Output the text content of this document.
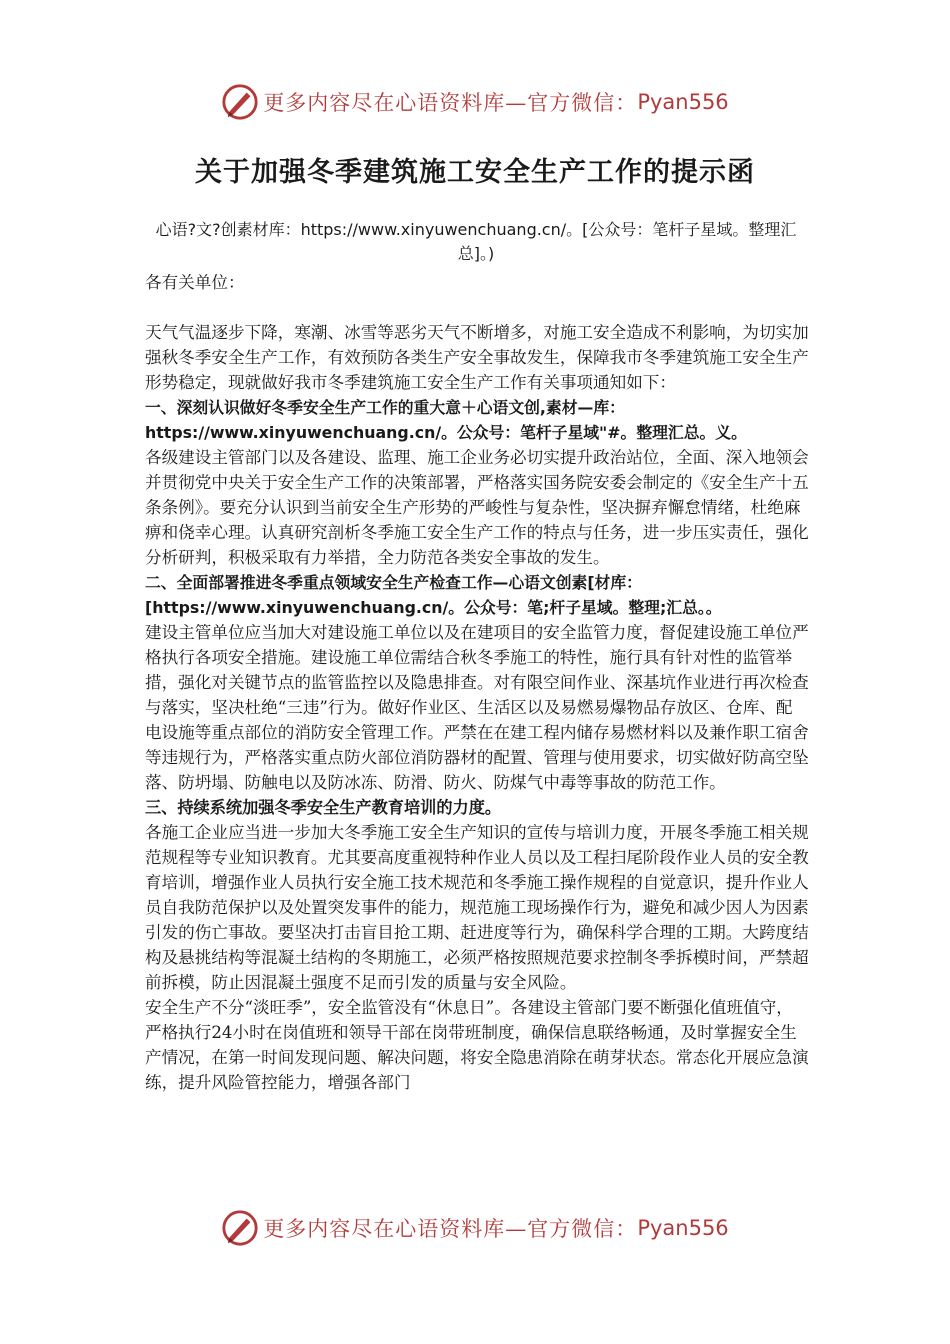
更多内容尽在心语资料库—官方微信： Pyan556
关于加强冬季建筑施工安全生产工作的提示函
心语?文?创素材库：https://www.xinyuwenchuang.cn/。[公众号：笔杆子星域。整理汇总]。)

各有关单位：

天气气温逐步下降，寒潮、冰雪等恶劣天气不断增多，对施工安全造成不利影响，为切实加强秋冬季安全生产工作，有效预防各类生产安全事故发生，保障我市冬季建筑施工安全生产形势稳定，现就做好我市冬季建筑施工安全生产工作有关事项通知如下：

一、深刻认识做好冬季安全生产工作的重大意＋心语文创,素材—库：https://www.xinyuwenchuang.cn/。公众号：笔杆子星域"#。整理汇总。义。

各级建设主管部门以及各建设、监理、施工企业务必切实提升政治站位，全面、深入地领会并贯彻党中央关于安全生产工作的决策部署，严格落实国务院安委会制定的《安全生产十五条条例》。要充分认识到当前安全生产形势的严峻性与复杂性，坚决摒弃懈怠情绪，杜绝麻痹和侥幸心理。认真研究剖析冬季施工安全生产工作的特点与任务，进一步压实责任，强化分析研判，积极采取有力举措，全力防范各类安全事故的发生。

二、全面部署推进冬季重点领域安全生产检查工作—心语文创素[材库：[https://www.xinyuwenchuang.cn/。公众号：笔;杆子星域。整理;汇总。。

建设主管单位应当加大对建设施工单位以及在建项目的安全监管力度，督促建设施工单位严格执行各项安全措施。建设施工单位需结合秋冬季施工的特性，施行具有针对性的监管举措，强化对关键节点的监管监控以及隐患排查。对有限空间作业、深基坑作业进行再次检查与落实，坚决杜绝“三违”行为。做好作业区、生活区以及易燃易爆物品存放区、仓库、配电设施等重点部位的消防安全管理工作。严禁在在建工程内储存易燃材料以及兼作职工宿舍等违规行为，严格落实重点防火部位消防器材的配置、管理与使用要求，切实做好防高空坠落、防坍塌、防触电以及防冰冻、防滑、防火、防煤气中毒等事故的防范工作。

三、持续系统加强冬季安全生产教育培训的力度。

各施工企业应当进一步加大冬季施工安全生产知识的宣传与培训力度，开展冬季施工相关规范规程等专业知识教育。尤其要高度重视特种作业人员以及工程扫尾阶段作业人员的安全教育培训，增强作业人员执行安全施工技术规范和冬季施工操作规程的自觉意识，提升作业人员自我防范保护以及处置突发事件的能力，规范施工现场操作行为，避免和减少因人为因素引发的伤亡事故。要坚决打击盲目抢工期、赶进度等行为，确保科学合理的工期。大跨度结构及悬挑结构等混凝土结构的冬期施工，必须严格按照规范要求控制冬季拆模时间，严禁超前拆模，防止因混凝土强度不足而引发的质量与安全风险。

安全生产不分“淡旺季”，安全监管没有“休息日”。各建设主管部门要不断强化值班值守，严格执行24小时在岗值班和领导干部在岗带班制度，确保信息联络畅通，及时掌握安全生产情况，在第一时间发现问题、解决问题，将安全隐患消除在萌芽状态。常态化开展应急演练，提升风险管控能力，增强各部门

更多内容尽在心语资料库—官方微信： Pyan556
